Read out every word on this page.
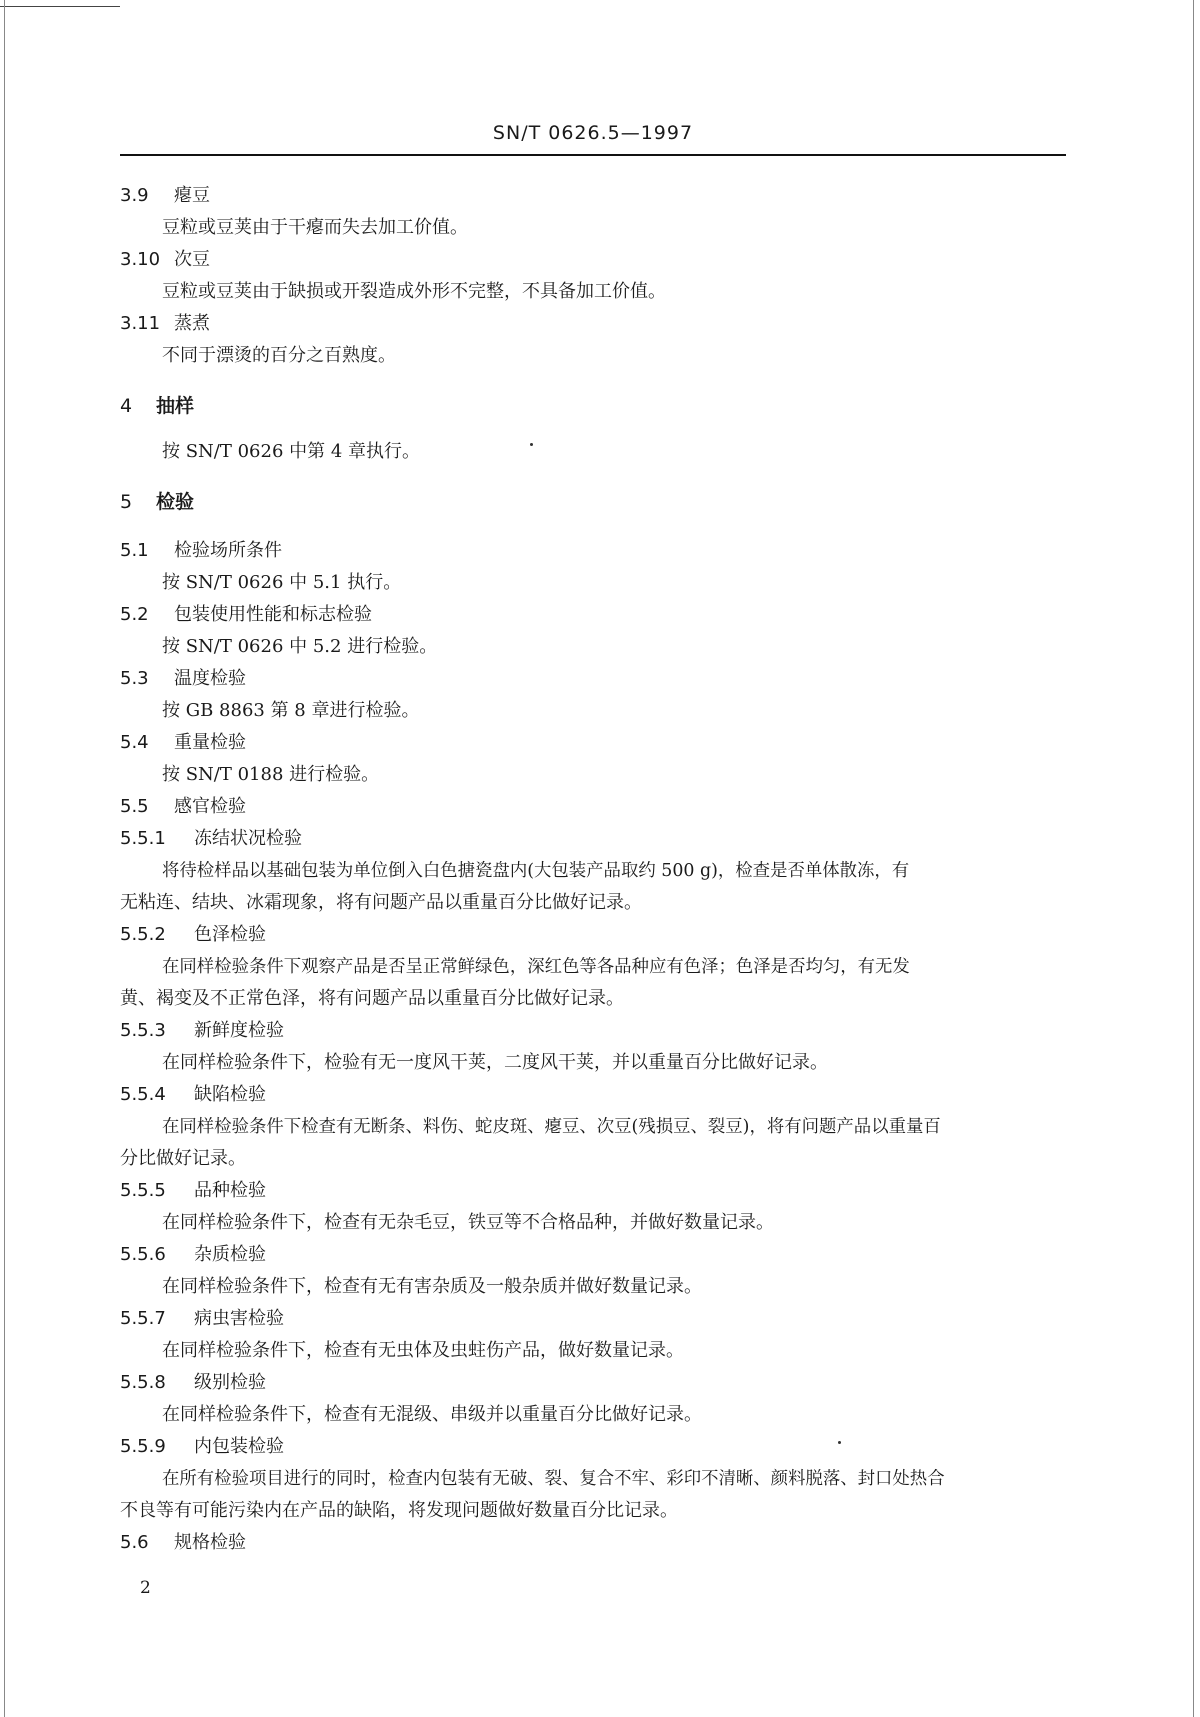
SN/T 0626.5—1997
3.9 瘪豆
豆粒或豆荚由于干瘪而失去加工价值。
3.10 次豆
豆粒或豆荚由于缺损或开裂造成外形不完整，不具备加工价值。
3.11 蒸煮
不同于漂烫的百分之百熟度。
4 抽样
按 SN/T 0626 中第 4 章执行。
5 检验
5.1 检验场所条件
按 SN/T 0626 中 5.1 执行。
5.2 包装使用性能和标志检验
按 SN/T 0626 中 5.2 进行检验。
5.3 温度检验
按 GB 8863 第 8 章进行检验。
5.4 重量检验
按 SN/T 0188 进行检验。
5.5 感官检验
5.5.1 冻结状况检验
将待检样品以基础包装为单位倒入白色搪瓷盘内(大包装产品取约 500 g)，检查是否单体散冻，有
无粘连、结块、冰霜现象，将有问题产品以重量百分比做好记录。
5.5.2 色泽检验
在同样检验条件下观察产品是否呈正常鲜绿色，深红色等各品种应有色泽；色泽是否均匀，有无发
黄、褐变及不正常色泽，将有问题产品以重量百分比做好记录。
5.5.3 新鲜度检验
在同样检验条件下，检验有无一度风干荚，二度风干荚，并以重量百分比做好记录。
5.5.4 缺陷检验
在同样检验条件下检查有无断条、料伤、蛇皮斑、瘪豆、次豆(残损豆、裂豆)，将有问题产品以重量百
分比做好记录。
5.5.5 品种检验
在同样检验条件下，检查有无杂毛豆，铁豆等不合格品种，并做好数量记录。
5.5.6 杂质检验
在同样检验条件下，检查有无有害杂质及一般杂质并做好数量记录。
5.5.7 病虫害检验
在同样检验条件下，检查有无虫体及虫蛀伤产品，做好数量记录。
5.5.8 级别检验
在同样检验条件下，检查有无混级、串级并以重量百分比做好记录。
5.5.9 内包装检验
在所有检验项目进行的同时，检查内包装有无破、裂、复合不牢、彩印不清晰、颜料脱落、封口处热合
不良等有可能污染内在产品的缺陷，将发现问题做好数量百分比记录。
5.6 规格检验
2
